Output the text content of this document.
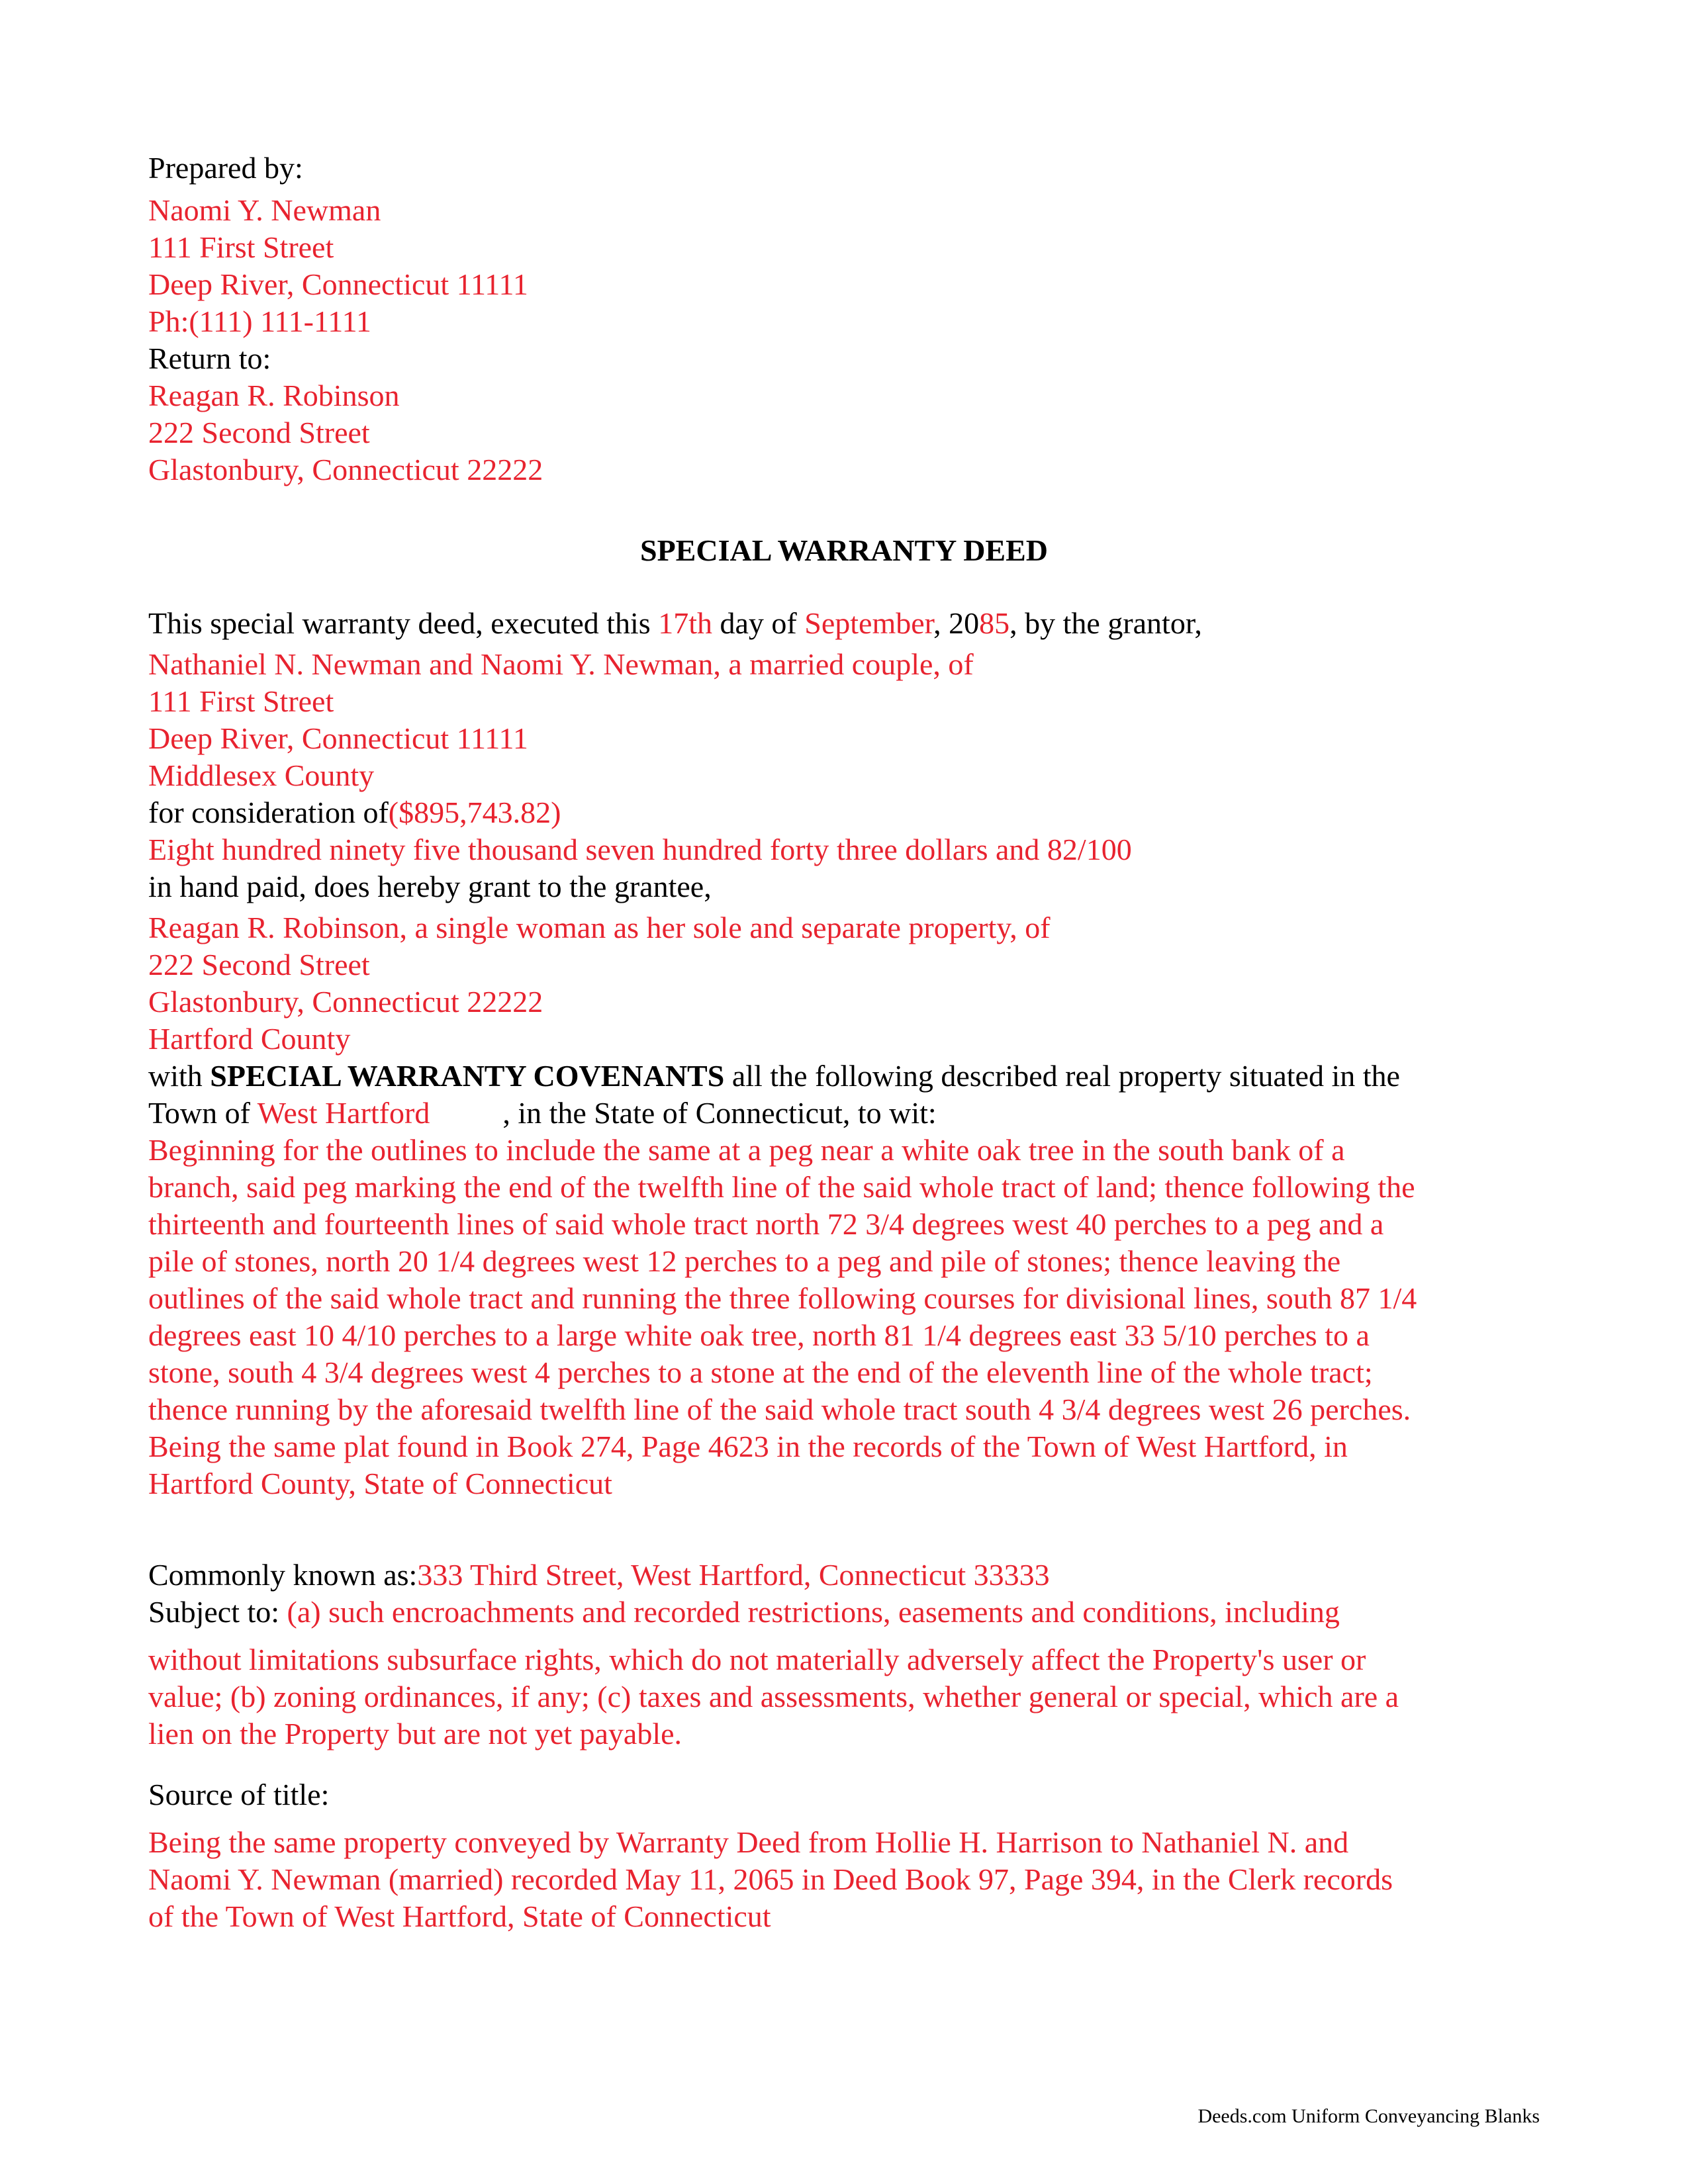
Prepared by:
Naomi Y. Newman
111 First Street
Deep River, Connecticut 11111
Ph:(111) 111-1111
Return to:
Reagan R. Robinson
222 Second Street
Glastonbury, Connecticut 22222
SPECIAL WARRANTY DEED
This special warranty deed, executed this 17th day of September, 2085, by the grantor,
Nathaniel N. Newman and Naomi Y. Newman, a married couple, of
111 First Street
Deep River, Connecticut 11111
Middlesex County
for consideration of($895,743.82)
Eight hundred ninety five thousand seven hundred forty three dollars and 82/100
in hand paid, does hereby grant to the grantee,
Reagan R. Robinson, a single woman as her sole and separate property, of
222 Second Street
Glastonbury, Connecticut 22222
Hartford County
with SPECIAL WARRANTY COVENANTS all the following described real property situated in the
Town of West Hartford , in the State of Connecticut, to wit:
Beginning for the outlines to include the same at a peg near a white oak tree in the south bank of a
branch, said peg marking the end of the twelfth line of the said whole tract of land; thence following the
thirteenth and fourteenth lines of said whole tract north 72 3/4 degrees west 40 perches to a peg and a
pile of stones, north 20 1/4 degrees west 12 perches to a peg and pile of stones; thence leaving the
outlines of the said whole tract and running the three following courses for divisional lines, south 87 1/4
degrees east 10 4/10 perches to a large white oak tree, north 81 1/4 degrees east 33 5/10 perches to a
stone, south 4 3/4 degrees west 4 perches to a stone at the end of the eleventh line of the whole tract;
thence running by the aforesaid twelfth line of the said whole tract south 4 3/4 degrees west 26 perches.
Being the same plat found in Book 274, Page 4623 in the records of the Town of West Hartford, in
Hartford County, State of Connecticut
Commonly known as:333 Third Street, West Hartford, Connecticut 33333
Subject to: (a) such encroachments and recorded restrictions, easements and conditions, including
without limitations subsurface rights, which do not materially adversely affect the Property's user or
value; (b) zoning ordinances, if any; (c) taxes and assessments, whether general or special, which are a
lien on the Property but are not yet payable.
Source of title:
Being the same property conveyed by Warranty Deed from Hollie H. Harrison to Nathaniel N. and
Naomi Y. Newman (married) recorded May 11, 2065 in Deed Book 97, Page 394, in the Clerk records
of the Town of West Hartford, State of Connecticut
Deeds.com Uniform Conveyancing Blanks
